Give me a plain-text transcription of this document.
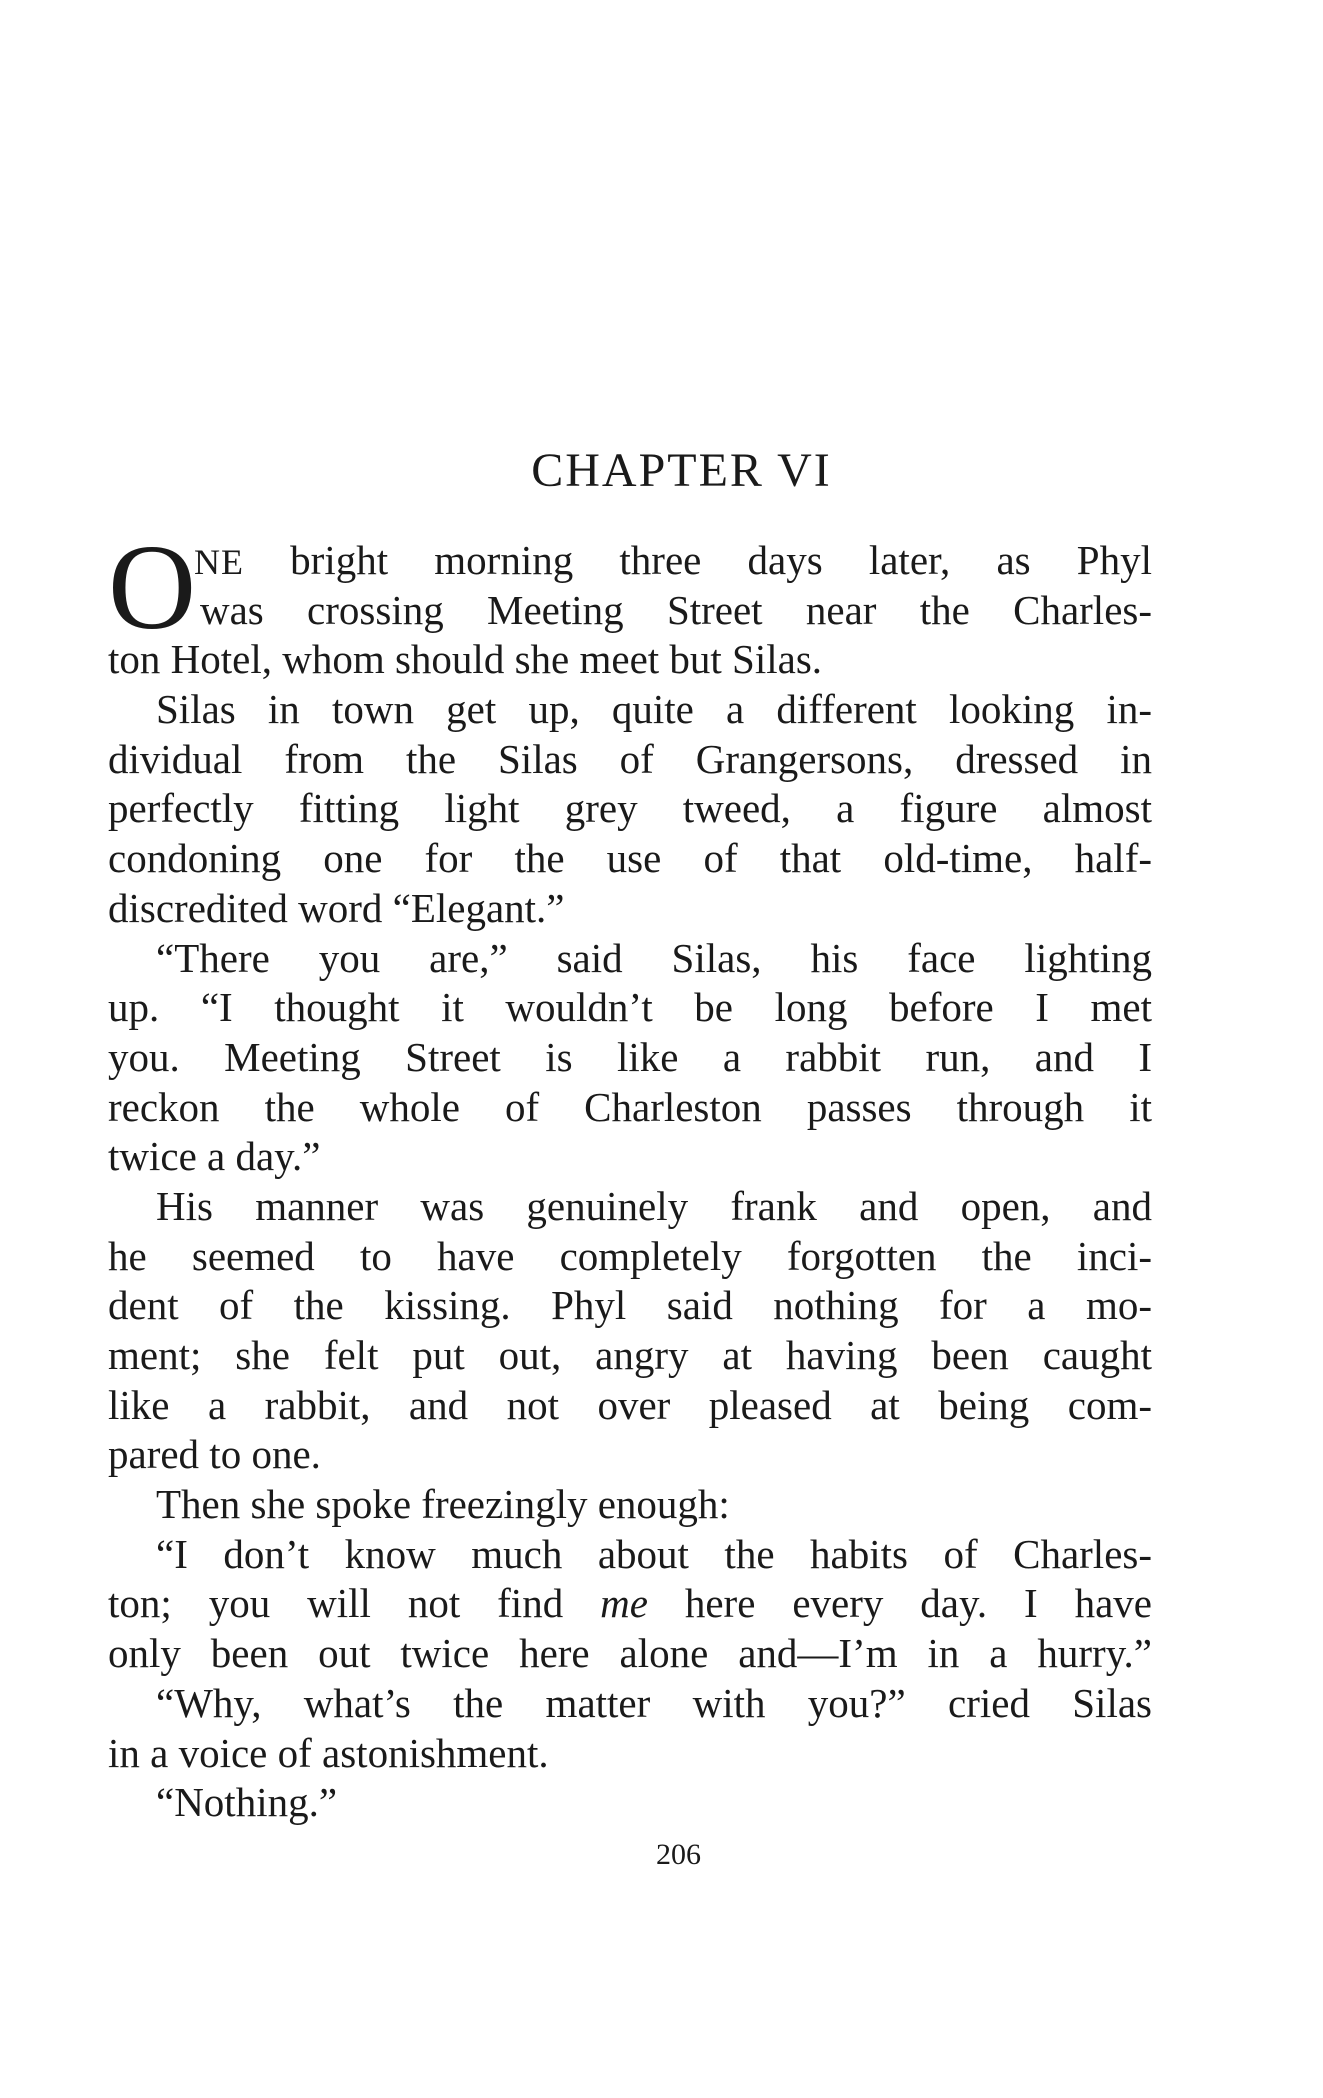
CHAPTER VI
O
NE bright morning three days later, as Phyl
was crossing Meeting Street near the Charles-
ton Hotel, whom should she meet but Silas.
Silas in town get up, quite a different looking in-
dividual from the Silas of Grangersons, dressed in
perfectly fitting light grey tweed, a figure almost
condoning one for the use of that old-time, half-
discredited word “Elegant.”
“There you are,” said Silas, his face lighting
up. “I thought it wouldn’t be long before I met
you. Meeting Street is like a rabbit run, and I
reckon the whole of Charleston passes through it
twice a day.”
His manner was genuinely frank and open, and
he seemed to have completely forgotten the inci-
dent of the kissing. Phyl said nothing for a mo-
ment; she felt put out, angry at having been caught
like a rabbit, and not over pleased at being com-
pared to one.
Then she spoke freezingly enough:
“I don’t know much about the habits of Charles-
ton; you will not find me here every day. I have
only been out twice here alone and—I’m in a hurry.”
“Why, what’s the matter with you?” cried Silas
in a voice of astonishment.
“Nothing.”
206
